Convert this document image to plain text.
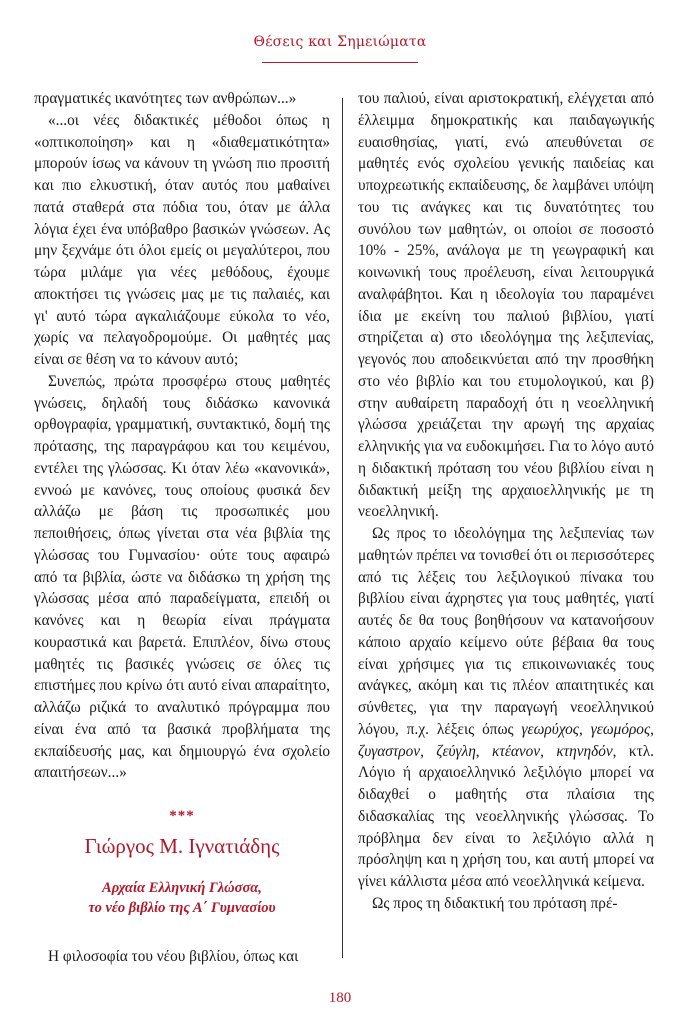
Θέσεις και Σημειώματα

πραγματικές ικανότητες των ανθρώπων...»

«...οι νέες διδακτικές μέθοδοι όπως η «οπτικοποίηση» και η «διαθεματικότητα» μπορούν ίσως να κάνουν τη γνώση πιο προσιτή και πιο ελκυστική, όταν αυτός που μαθαίνει πατά σταθερά στα πόδια του, όταν με άλλα λόγια έχει ένα υπόβαθρο βασικών γνώσεων. Ας μην ξεχνάμε ότι όλοι εμείς οι μεγαλύτεροι, που τώρα μιλάμε για νέες μεθόδους, έχουμε αποκτήσει τις γνώσεις μας με τις παλαιές, και γι' αυτό τώρα αγκαλιάζουμε εύκολα το νέο, χωρίς να πελαγοδρομούμε. Οι μαθητές μας είναι σε θέση να το κάνουν αυτό;

Συνεπώς, πρώτα προσφέρω στους μαθητές γνώσεις, δηλαδή τους διδάσκω κανονικά ορθογραφία, γραμματική, συντακτικό, δομή της πρότασης, της παραγράφου και του κειμένου, εντέλει της γλώσσας. Κι όταν λέω «κανονικά», εννοώ με κανόνες, τους οποίους φυσικά δεν αλλάζω με βάση τις προσωπικές μου πεποιθήσεις, όπως γίνεται στα νέα βιβλία της γλώσσας του Γυμνασίου· ούτε τους αφαιρώ από τα βιβλία, ώστε να διδάσκω τη χρήση της γλώσσας μέσα από παραδείγματα, επειδή οι κανόνες και η θεωρία είναι πράγματα κουραστικά και βαρετά. Επιπλέον, δίνω στους μαθητές τις βασικές γνώσεις σε όλες τις επιστήμες που κρίνω ότι αυτό είναι απαραίτητο, αλλάζω ριζικά το αναλυτικό πρόγραμμα που είναι ένα από τα βασικά προβλήματα της εκπαίδευσής μας, και δημιουργώ ένα σχολείο απαιτήσεων...»

***
Γιώργος Μ. Ιγνατιάδης
Αρχαία Ελληνική Γλώσσα,
το νέο βιβλίο της Α΄ Γυμνασίου

Η φιλοσοφία του νέου βιβλίου, όπως και

του παλιού, είναι αριστοκρατική, ελέγχεται από έλλειμμα δημοκρατικής και παιδαγωγικής ευαισθησίας, γιατί, ενώ απευθύνεται σε μαθητές ενός σχολείου γενικής παιδείας και υποχρεωτικής εκπαίδευσης, δε λαμβάνει υπόψη του τις ανάγκες και τις δυνατότητες του συνόλου των μαθητών, οι οποίοι σε ποσοστό 10% - 25%, ανάλογα με τη γεωγραφική και κοινωνική τους προέλευση, είναι λειτουργικά αναλφάβητοι. Και η ιδεολογία του παραμένει ίδια με εκείνη του παλιού βιβλίου, γιατί στηρίζεται α) στο ιδεολόγημα της λεξιπενίας, γεγονός που αποδεικνύεται από την προσθήκη στο νέο βιβλίο και του ετυμολογικού, και β) στην αυθαίρετη παραδοχή ότι η νεοελληνική γλώσσα χρειάζεται την αρωγή της αρχαίας ελληνικής για να ευδοκιμήσει. Για το λόγο αυτό η διδακτική πρόταση του νέου βιβλίου είναι η διδακτική μείξη της αρχαιοελληνικής με τη νεοελληνική.

Ως προς το ιδεολόγημα της λεξιπενίας των μαθητών πρέπει να τονισθεί ότι οι περισσότερες από τις λέξεις του λεξιλογικού πίνακα του βιβλίου είναι άχρηστες για τους μαθητές, γιατί αυτές δε θα τους βοηθήσουν να κατανοήσουν κάποιο αρχαίο κείμενο ούτε βέβαια θα τους είναι χρήσιμες για τις επικοινωνιακές τους ανάγκες, ακόμη και τις πλέον απαιτητικές και σύνθετες, για την παραγωγή νεοελληνικού λόγου, π.χ. λέξεις όπως γεωρύχος, γεωμόρος, ζυγαστρον, ζεύγλη, κτέανον, κτηνηδόν, κτλ. Λόγιο ή αρχαιοελληνικό λεξιλόγιο μπορεί να διδαχθεί ο μαθητής στα πλαίσια της διδασκαλίας της νεοελληνικής γλώσσας. Το πρόβλημα δεν είναι το λεξιλόγιο αλλά η πρόσληψη και η χρήση του, και αυτή μπορεί να γίνει κάλλιστα μέσα από νεοελληνικά κείμενα.

Ως προς τη διδακτική του πρόταση πρέ-

180
